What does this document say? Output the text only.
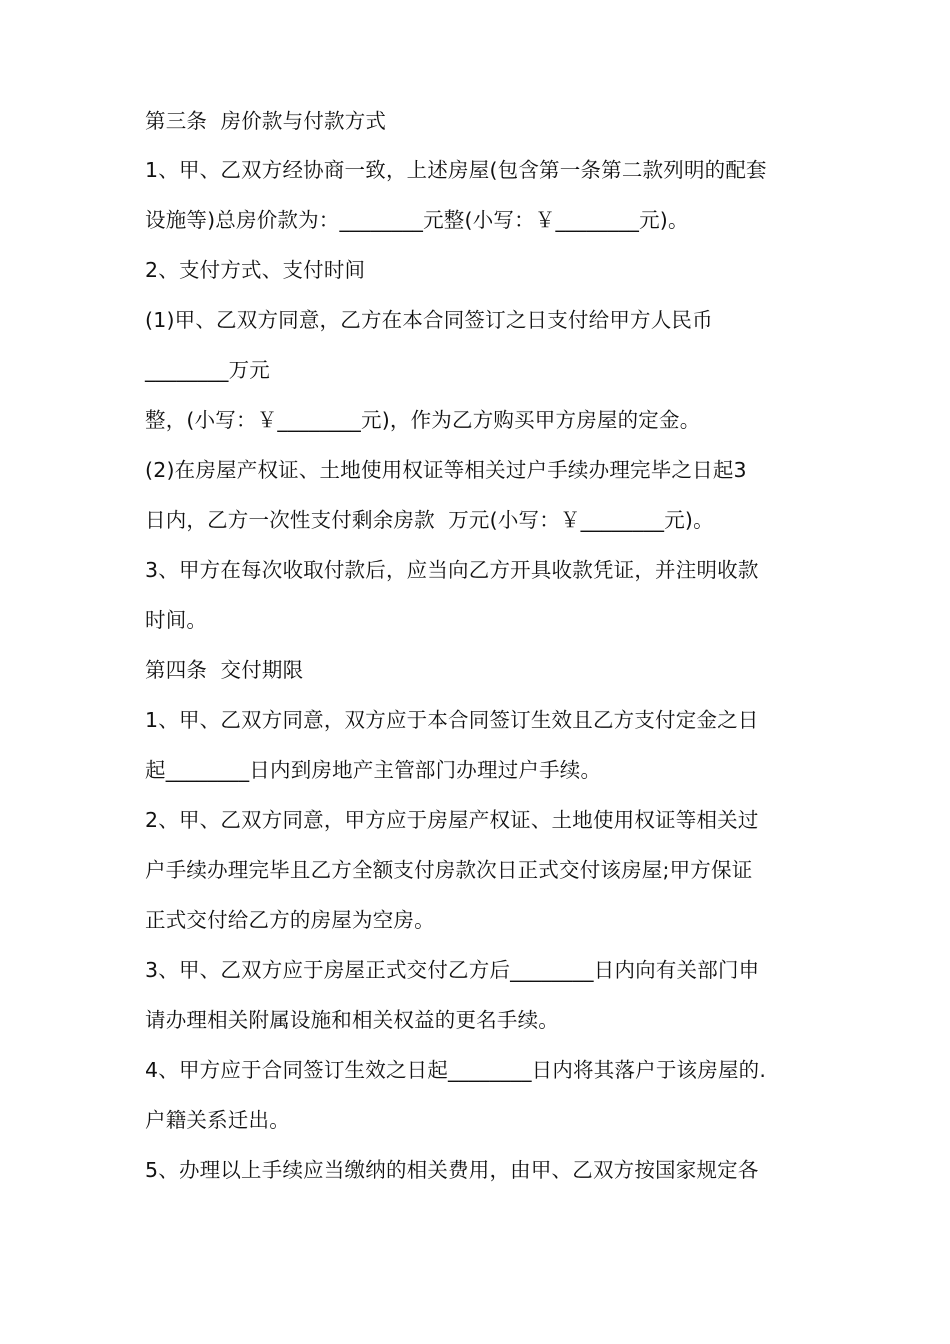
第三条  房价款与付款方式

1、甲、乙双方经协商一致，上述房屋(包含第一条第二款列明的配套

设施等)总房价款为：________元整(小写：￥________元)。

2、支付方式、支付时间

(1)甲、乙双方同意，乙方在本合同签订之日支付给甲方人民币

________万元

整，(小写：￥________元)，作为乙方购买甲方房屋的定金。

(2)在房屋产权证、土地使用权证等相关过户手续办理完毕之日起3

日内，乙方一次性支付剩余房款  万元(小写：￥________元)。

3、甲方在每次收取付款后，应当向乙方开具收款凭证，并注明收款

时间。

第四条  交付期限

1、甲、乙双方同意，双方应于本合同签订生效且乙方支付定金之日

起________日内到房地产主管部门办理过户手续。

2、甲、乙双方同意，甲方应于房屋产权证、土地使用权证等相关过

户手续办理完毕且乙方全额支付房款次日正式交付该房屋;甲方保证

正式交付给乙方的房屋为空房。

3、甲、乙双方应于房屋正式交付乙方后________日内向有关部门申

请办理相关附属设施和相关权益的更名手续。

4、甲方应于合同签订生效之日起________日内将其落户于该房屋的.

户籍关系迁出。

5、办理以上手续应当缴纳的相关费用，由甲、乙双方按国家规定各
